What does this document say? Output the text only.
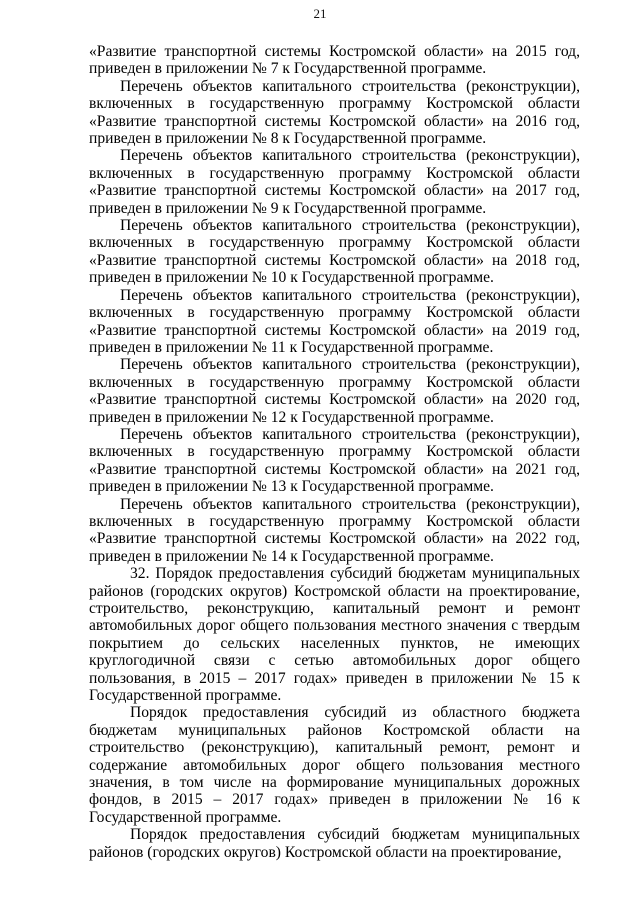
21

«Развитие транспортной системы Костромской области» на 2015 год, приведен в приложении № 7 к Государственной программе.

Перечень объектов капитального строительства (реконструкции), включенных в государственную программу Костромской области «Развитие транспортной системы Костромской области» на 2016 год, приведен в приложении № 8 к Государственной программе.

Перечень объектов капитального строительства (реконструкции), включенных в государственную программу Костромской области «Развитие транспортной системы Костромской области» на 2017 год, приведен в приложении № 9 к Государственной программе.

Перечень объектов капитального строительства (реконструкции), включенных в государственную программу Костромской области «Развитие транспортной системы Костромской области» на 2018 год, приведен в приложении № 10 к Государственной программе.

Перечень объектов капитального строительства (реконструкции), включенных в государственную программу Костромской области «Развитие транспортной системы Костромской области» на 2019 год, приведен в приложении № 11 к Государственной программе.

Перечень объектов капитального строительства (реконструкции), включенных в государственную программу Костромской области «Развитие транспортной системы Костромской области» на 2020 год, приведен в приложении № 12 к Государственной программе.

Перечень объектов капитального строительства (реконструкции), включенных в государственную программу Костромской области «Развитие транспортной системы Костромской области» на 2021 год, приведен в приложении № 13 к Государственной программе.

Перечень объектов капитального строительства (реконструкции), включенных в государственную программу Костромской области «Развитие транспортной системы Костромской области» на 2022 год, приведен в приложении № 14 к Государственной программе.

32. Порядок предоставления субсидий бюджетам муниципальных районов (городских округов) Костромской области на проектирование, строительство, реконструкцию, капитальный ремонт и ремонт автомобильных дорог общего пользования местного значения с твердым покрытием до сельских населенных пунктов, не имеющих круглогодичной связи с сетью автомобильных дорог общего пользования, в 2015 – 2017 годах» приведен в приложении № 15 к Государственной программе.

Порядок предоставления субсидий из областного бюджета бюджетам муниципальных районов Костромской области на строительство (реконструкцию), капитальный ремонт, ремонт и содержание автомобильных дорог общего пользования местного значения, в том числе на формирование муниципальных дорожных фондов, в 2015 – 2017 годах» приведен в приложении № 16 к Государственной программе.

Порядок предоставления субсидий бюджетам муниципальных районов (городских округов) Костромской области на проектирование,
